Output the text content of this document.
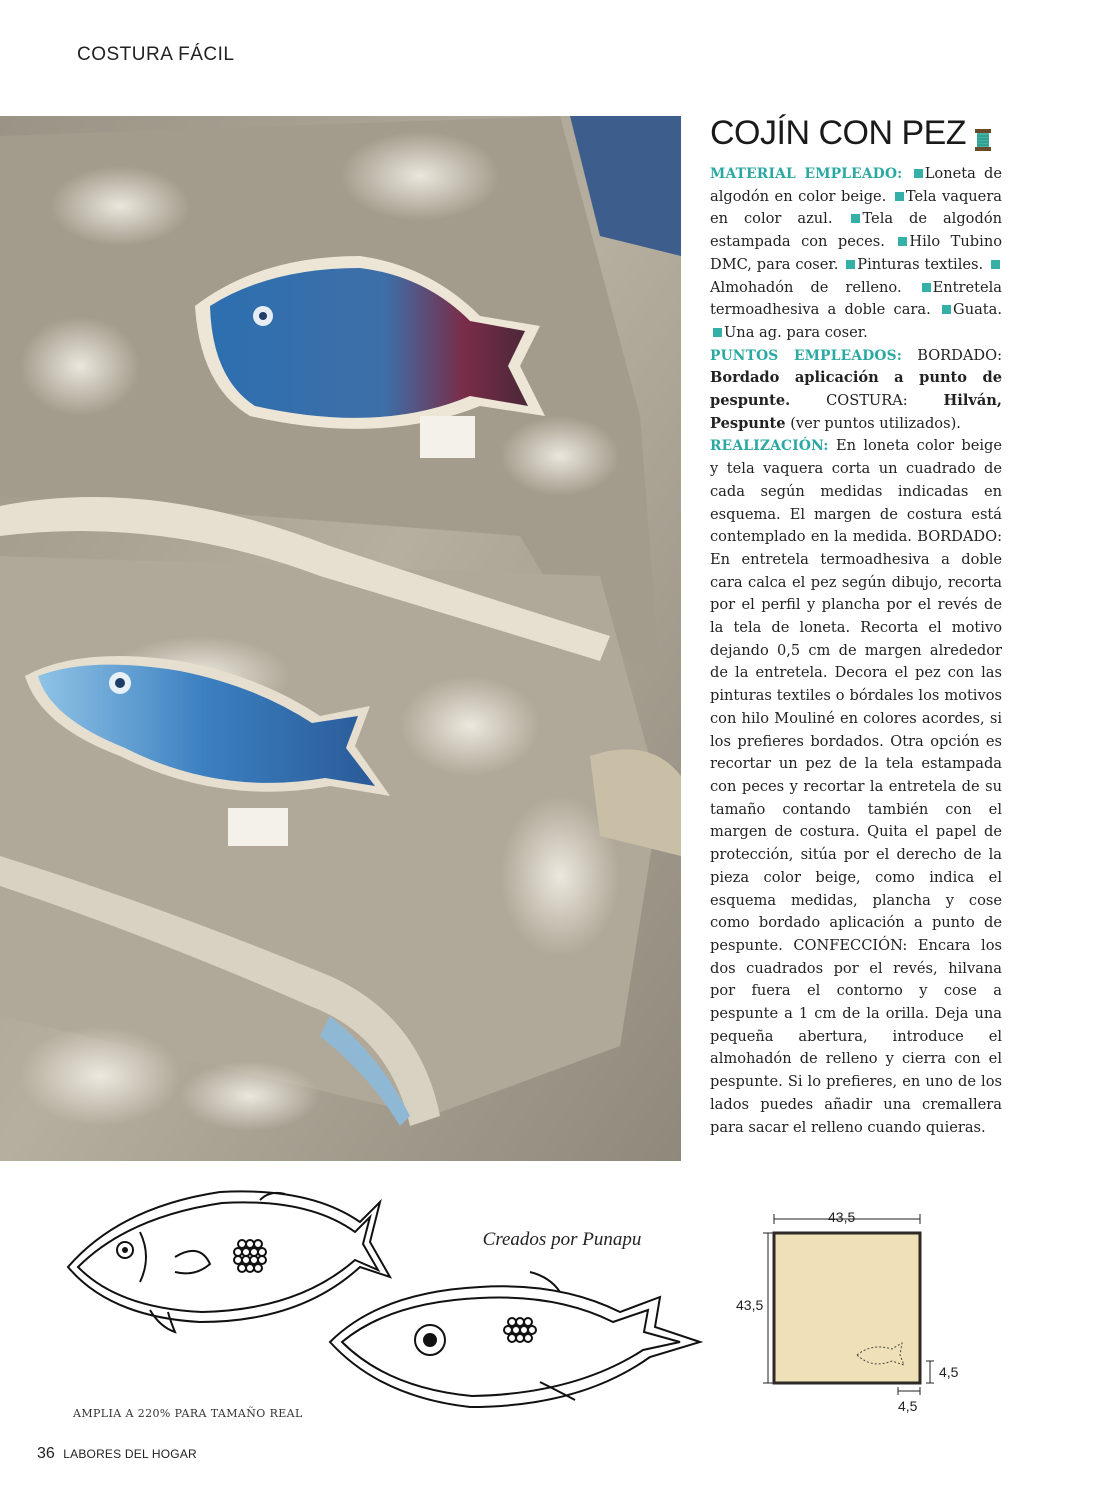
COSTURA FÁCIL
Creados por Punapu
COJÍN CON PEZ

MATERIAL EMPLEADO: Loneta de algodón en color beige. Tela vaquera en color azul. Tela de algodón estampada con peces. Hilo Tubino DMC, para coser. Pinturas textiles. Almohadón de relleno. Entretela termoadhesiva a doble cara. Guata. Una ag. para coser.

PUNTOS EMPLEADOS: BORDADO: Bordado aplicación a punto de pespunte. COSTURA: Hilván, Pespunte (ver puntos utilizados).

REALIZACIÓN: En loneta color beige y tela vaquera corta un cuadrado de cada según medidas indicadas en esquema. El margen de costura está contemplado en la medida. BORDADO: En entretela termoadhesiva a doble cara calca el pez según dibujo, recorta por el perfil y plancha por el revés de la tela de loneta. Recorta el motivo dejando 0,5 cm de margen alrededor de la entretela. Decora el pez con las pinturas textiles o bórdales los motivos con hilo Mouliné en colores acordes, si los prefieres bordados. Otra opción es recortar un pez de la tela estampada con peces y recortar la entretela de su tamaño contando también con el margen de costura. Quita el papel de protección, sitúa por el derecho de la pieza color beige, como indica el esquema medidas, plancha y cose como bordado aplicación a punto de pespunte. CONFECCIÓN: Encara los dos cuadrados por el revés, hilvana por fuera el contorno y cose a pespunte a 1 cm de la orilla. Deja una pequeña abertura, introduce el almohadón de relleno y cierra con el pespunte. Si lo prefieres, en uno de los lados puedes añadir una cremallera para sacar el relleno cuando quieras.

AMPLIA A 220% PARA TAMAÑO REAL
43,5
43,5
4,5
4,5
36 LABORES DEL HOGAR
